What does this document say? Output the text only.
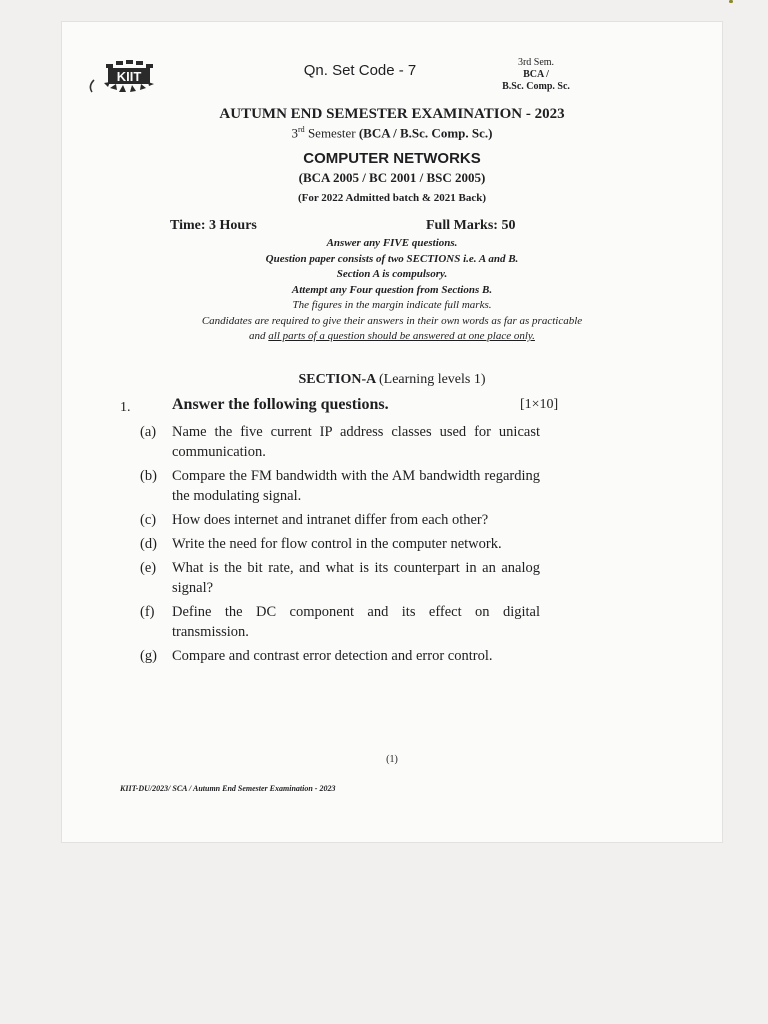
KIIT	Qn. Set Code - 7	3rd Sem.
BCA /
B.Sc. Comp. Sc.
AUTUMN END SEMESTER EXAMINATION - 2023
3rd Semester (BCA / B.Sc. Comp. Sc.)
COMPUTER NETWORKS
(BCA 2005 / BC 2001 / BSC 2005)
(For 2022 Admitted batch & 2021 Back)
Time: 3 Hours	Full Marks: 50
Answer any FIVE questions.
Question paper consists of two SECTIONS i.e. A and B.
Section A is compulsory.
Attempt any Four question from Sections B.
The figures in the margin indicate full marks.
Candidates are required to give their answers in their own words as far as practicable
and all parts of a question should be answered at one place only.
SECTION-A (Learning levels 1)
1.	Answer the following questions.	[1×10]
(a)	Name the five current IP address classes used for unicast communication.
(b)	Compare the FM bandwidth with the AM bandwidth regarding the modulating signal.
(c)	How does internet and intranet differ from each other?
(d)	Write the need for flow control in the computer network.
(e)	What is the bit rate, and what is its counterpart in an analog signal?
(f)	Define the DC component and its effect on digital transmission.
(g)	Compare and contrast error detection and error control.
(1)
KIIT-DU/2023/ SCA / Autumn End Semester Examination - 2023
